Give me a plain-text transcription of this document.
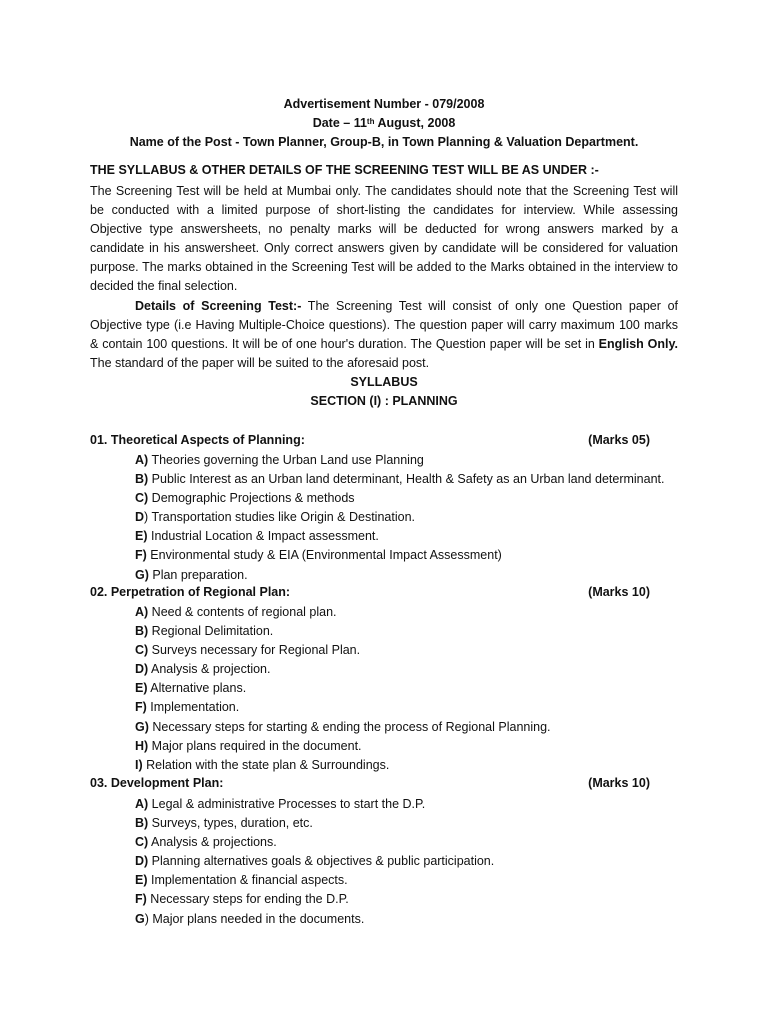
Advertisement Number - 079/2008
Date – 11th August, 2008
Name of the Post - Town Planner, Group-B, in Town Planning & Valuation Department.
THE SYLLABUS & OTHER DETAILS OF THE SCREENING TEST WILL BE AS UNDER :-

The Screening Test will be held at Mumbai only. The candidates should note that the Screening Test will be conducted with a limited purpose of short-listing the candidates for interview. While assessing Objective type answersheets, no penalty marks will be deducted for wrong answers marked by a candidate in his answersheet. Only correct answers given by candidate will be considered for valuation purpose. The marks obtained in the Screening Test will be added to the Marks obtained in the interview to decided the final selection.

Details of Screening Test:- The Screening Test will consist of only one Question paper of Objective type (i.e Having Multiple-Choice questions). The question paper will carry maximum 100 marks & contain 100 questions. It will be of one hour's duration. The Question paper will be set in English Only. The standard of the paper will be suited to the aforesaid post.

SYLLABUS
SECTION (I) : PLANNING
01. Theoretical Aspects of Planning:	(Marks 05)
A) Theories governing the Urban Land use Planning
B) Public Interest as an Urban land determinant, Health & Safety as an Urban land determinant.
C) Demographic Projections & methods
D) Transportation studies like Origin & Destination.
E) Industrial Location & Impact assessment.
F) Environmental study & EIA (Environmental Impact Assessment)
G) Plan preparation.
02. Perpetration of Regional Plan:	(Marks 10)
A) Need & contents of regional plan.
B) Regional Delimitation.
C) Surveys necessary for Regional Plan.
D) Analysis & projection.
E) Alternative plans.
F) Implementation.
G) Necessary steps for starting & ending the process of Regional Planning.
H) Major plans required in the document.
I) Relation with the state plan & Surroundings.
03. Development Plan:	(Marks 10)
A) Legal & administrative Processes to start the D.P.
B) Surveys, types, duration, etc.
C) Analysis & projections.
D) Planning alternatives goals & objectives & public participation.
E) Implementation & financial aspects.
F) Necessary steps for ending the D.P.
G) Major plans needed in the documents.
